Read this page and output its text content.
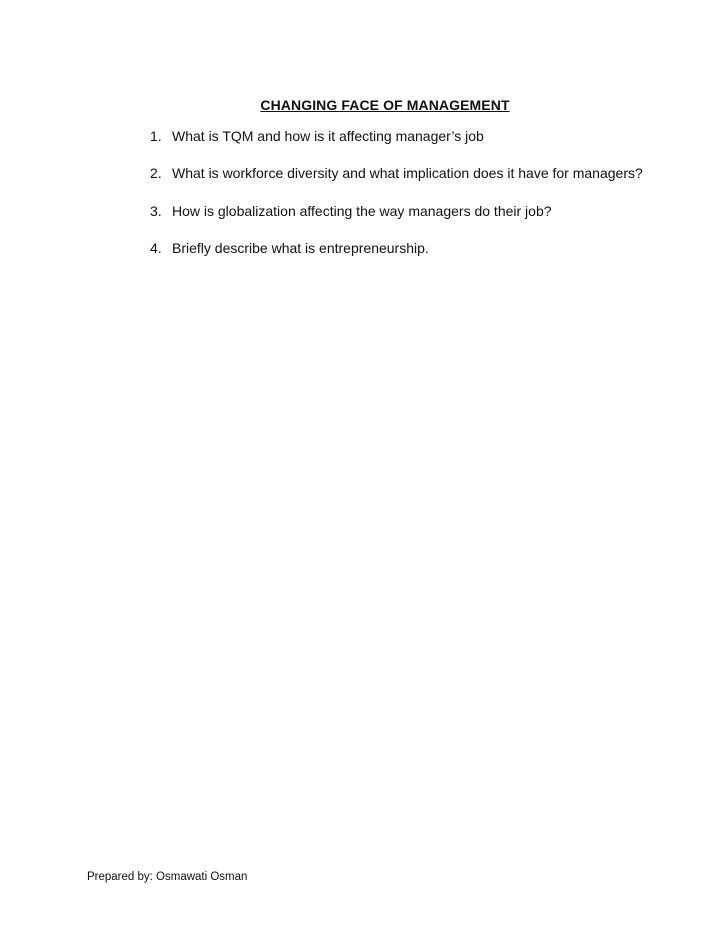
CHANGING FACE OF MANAGEMENT
1. What is TQM and how is it affecting manager’s job
2. What is workforce diversity and what implication does it have for managers?
3. How is globalization affecting the way managers do their job?
4. Briefly describe what is entrepreneurship.
Prepared by: Osmawati Osman
